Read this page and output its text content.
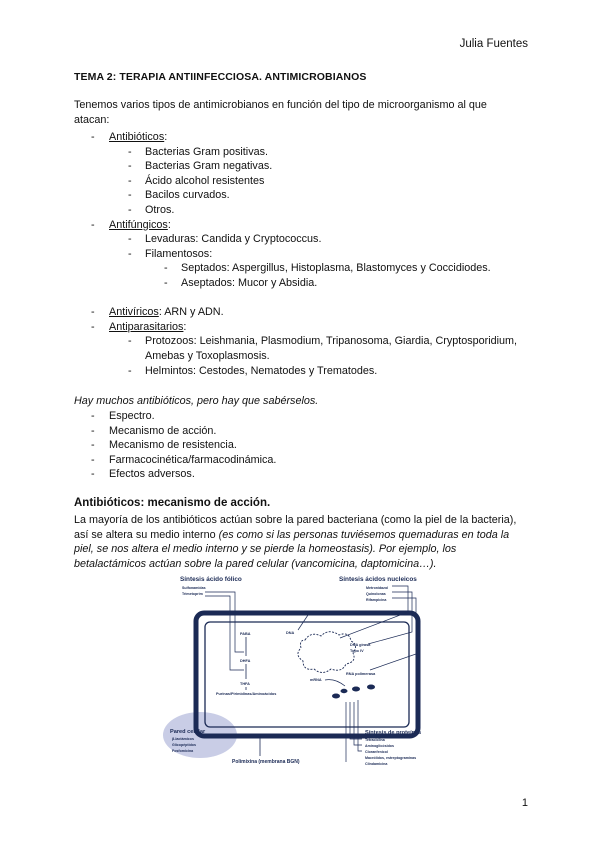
Julia Fuentes
TEMA 2: TERAPIA ANTIINFECCIOSA. ANTIMICROBIANOS
Tenemos varios tipos de antimicrobianos en función del tipo de microorganismo al que
atacan:
- Antibióticos:
- Bacterias Gram positivas.
- Bacterias Gram negativas.
- Ácido alcohol resistentes
- Bacilos curvados.
- Otros.
- Antifúngicos:
- Levaduras: Candida y Cryptococcus.
- Filamentosos:
- Septados: Aspergillus, Histoplasma, Blastomyces y Coccidiodes.
- Aseptados: Mucor y Absidia.
- Antivíricos: ARN y ADN.
- Antiparasitarios:
- Protozoos: Leishmania, Plasmodium, Tripanosoma, Giardia, Cryptosporidium,
Amebas y Toxoplasmosis.
- Helmintos: Cestodes, Nematodes y Trematodes.
Hay muchos antibióticos, pero hay que sabérselos.
- Espectro.
- Mecanismo de acción.
- Mecanismo de resistencia.
- Farmacocinética/farmacodinámica.
- Efectos adversos.
Antibióticos: mecanismo de acción.
La mayoría de los antibióticos actúan sobre la pared bacteriana (como la piel de la bacteria),
así se altera su medio interno (es como si las personas tuviésemos quemaduras en toda la
piel, se nos altera el medio interno y se pierde la homeostasis). Por ejemplo, los
betalactámicos actúan sobre la pared celular (vancomicina, daptomicina…).
Síntesis ácido fólico
Sulfonamidas
Trimetoprim
Síntesis ácidos nucleicos
Metronidazol
Quinolonas
Rifampicina
PABA
DHFA
THFA
Purinas/Pirimidinas/Aminoácidos
DNA
DNA girasa
Topo IV
RNA polimerasa
mRNA
Pared celular
β-lactámicos
Glicopéptidos
Fosfomicina
Polimixina (membrana BGN)
Síntesis de proteínas
Tetraciclina
Aminoglicósidos
Cloranfenicol
Macrólidos, estreptograminas
Clindamicina
1
